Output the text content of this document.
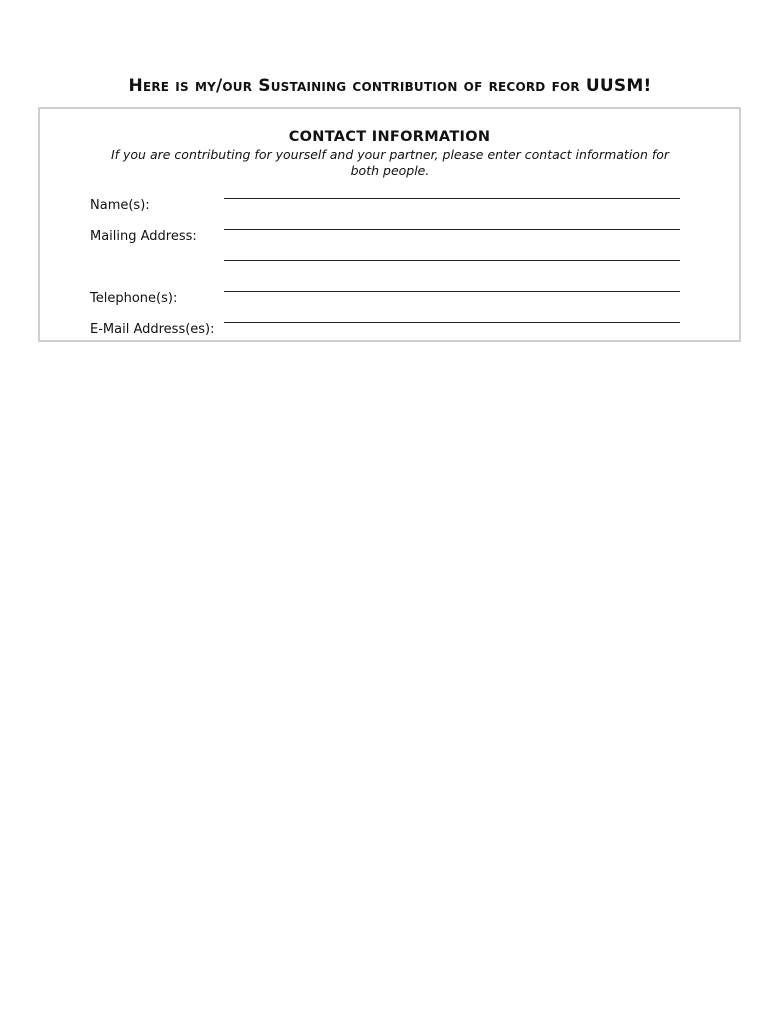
Here is my/our Sustaining contribution of record for UUSM!
CONTACT INFORMATION
If you are contributing for yourself and your partner, please enter contact information for both people.
Name(s):
Mailing Address:
Telephone(s):
E-Mail Address(es):
